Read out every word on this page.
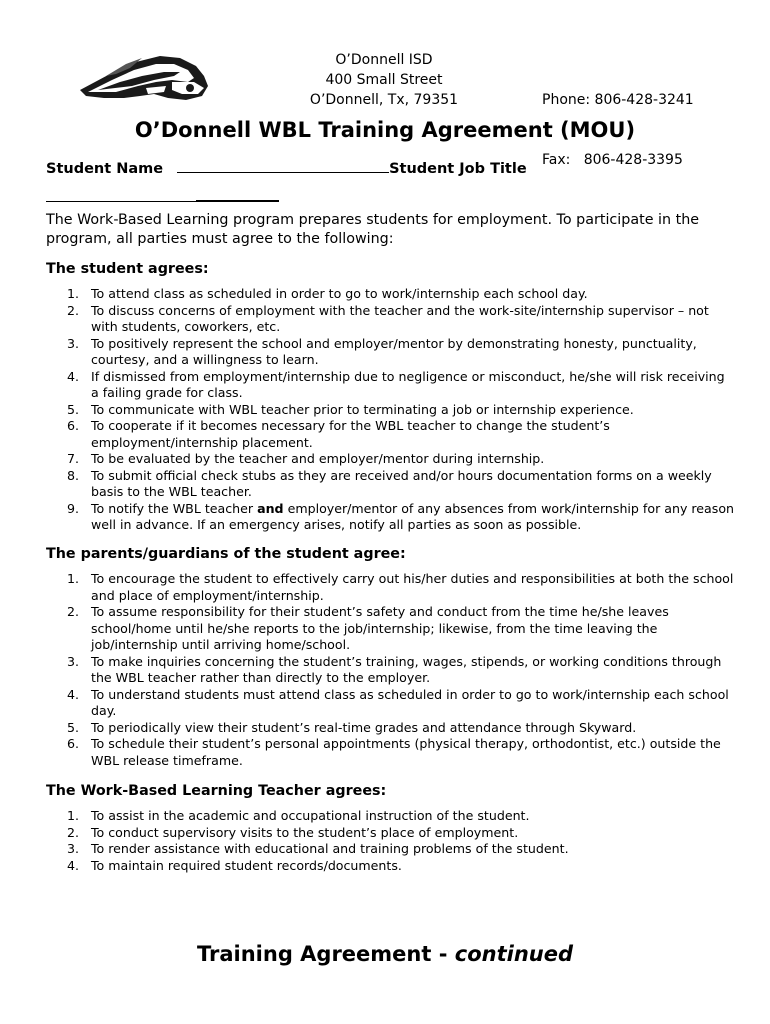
O’Donnell ISD
400 Small Street
O’Donnell, Tx, 79351

	Phone: 806-428-3241

Fax:   806-428-3395

O’Donnell WBL Training Agreement (MOU)
Student Name	Student Job Title
The Work-Based Learning program prepares students for employment. To participate in the program, all parties must agree to the following:
The student agrees:
1. To attend class as scheduled in order to go to work/internship each school day.
2. To discuss concerns of employment with the teacher and the work-site/internship supervisor – not with students, coworkers, etc.
3. To positively represent the school and employer/mentor by demonstrating honesty, punctuality, courtesy, and a willingness to learn.
4. If dismissed from employment/internship due to negligence or misconduct, he/she will risk receiving a failing grade for class.
5. To communicate with WBL teacher prior to terminating a job or internship experience.
6. To cooperate if it becomes necessary for the WBL teacher to change the student’s employment/internship placement.
7. To be evaluated by the teacher and employer/mentor during internship.
8. To submit official check stubs as they are received and/or hours documentation forms on a weekly basis to the WBL teacher.
9. To notify the WBL teacher and employer/mentor of any absences from work/internship for any reason well in advance. If an emergency arises, notify all parties as soon as possible.
The parents/guardians of the student agree:
1. To encourage the student to effectively carry out his/her duties and responsibilities at both the school and place of employment/internship.
2. To assume responsibility for their student’s safety and conduct from the time he/she leaves school/home until he/she reports to the job/internship; likewise, from the time leaving the job/internship until arriving home/school.
3. To make inquiries concerning the student’s training, wages, stipends, or working conditions through the WBL teacher rather than directly to the employer.
4. To understand students must attend class as scheduled in order to go to work/internship each school day.
5. To periodically view their student’s real-time grades and attendance through Skyward.
6. To schedule their student’s personal appointments (physical therapy, orthodontist, etc.) outside the WBL release timeframe.
The Work-Based Learning Teacher agrees:
1. To assist in the academic and occupational instruction of the student.
2. To conduct supervisory visits to the student’s place of employment.
3. To render assistance with educational and training problems of the student.
4. To maintain required student records/documents.
Training Agreement - continued
